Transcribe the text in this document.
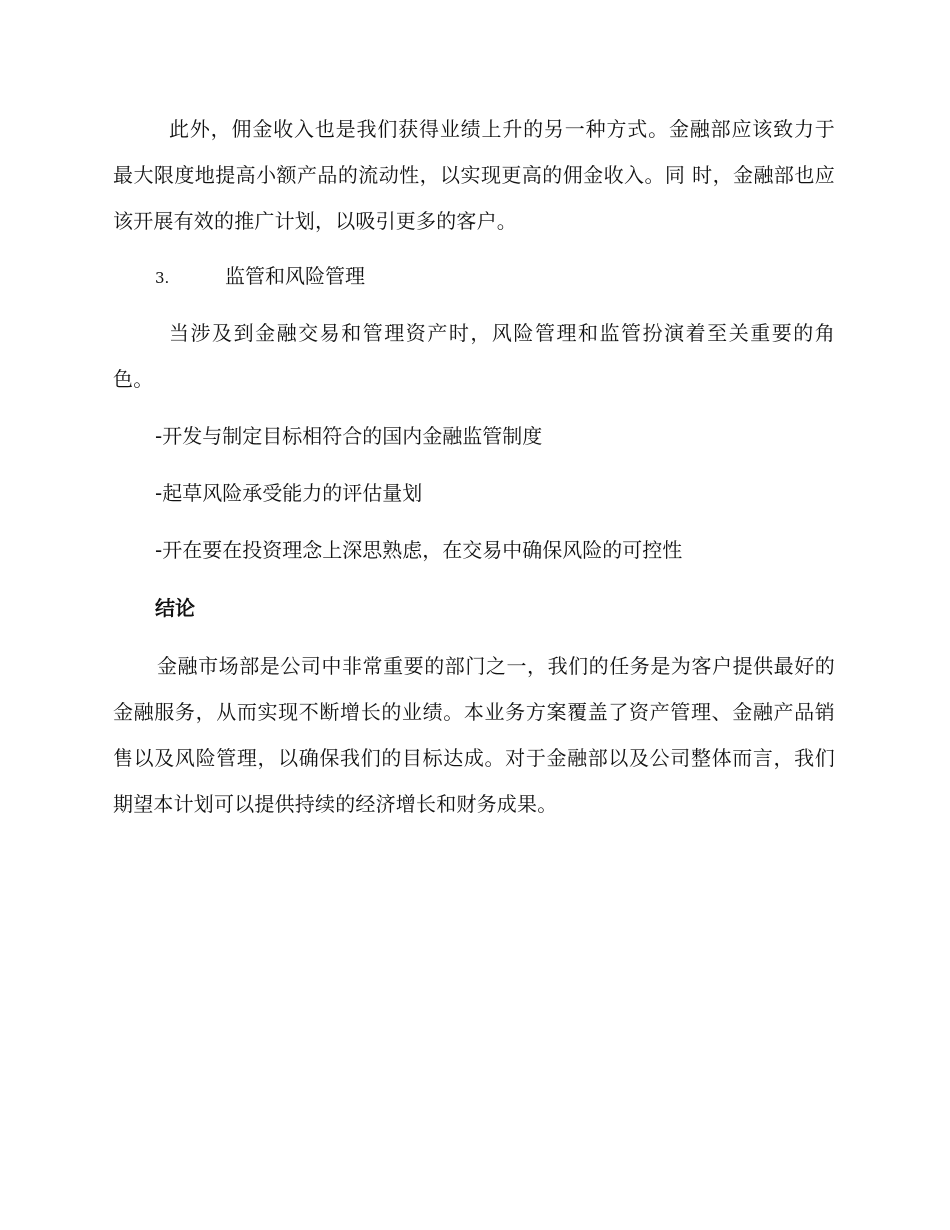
此外，佣金收入也是我们获得业绩上升的另一种方式。金融部应该致力于最大限度地提高小额产品的流动性，以实现更高的佣金收入。同 时，金融部也应该开展有效的推广计划，以吸引更多的客户。

3.	监管和风险管理

当涉及到金融交易和管理资产时，风险管理和监管扮演着至关重要的角色。

-开发与制定目标相符合的国内金融监管制度

-起草风险承受能力的评估量划

-开在要在投资理念上深思熟虑，在交易中确保风险的可控性

结论

金融市场部是公司中非常重要的部门之一，我们的任务是为客户提供最好的金融服务，从而实现不断增长的业绩。本业务方案覆盖了资产管理、金融产品销售以及风险管理，以确保我们的目标达成。对于金融部以及公司整体而言，我们期望本计划可以提供持续的经济增长和财务成果。
